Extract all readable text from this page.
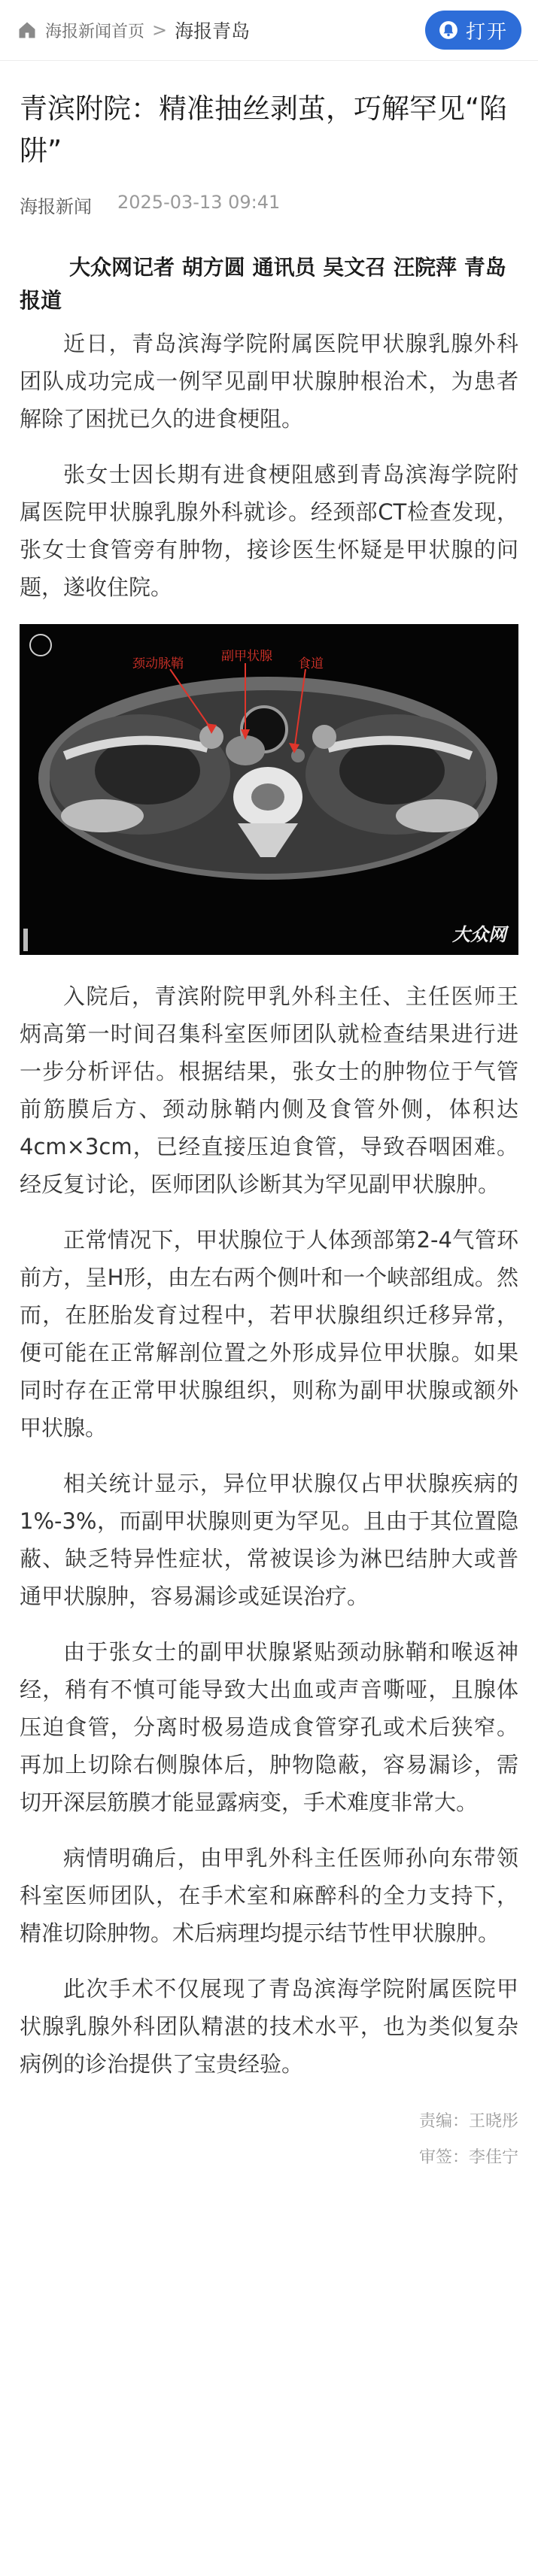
海报新闻首页 > 海报青岛	打开
青滨附院：精准抽丝剥茧，巧解罕见“陷阱”
海报新闻 2025-03-13 09:41
大众网记者 胡方圆 通讯员 吴文召 汪院萍 青岛报道

近日，青岛滨海学院附属医院甲状腺乳腺外科团队成功完成一例罕见副甲状腺肿根治术，为患者解除了困扰已久的进食梗阻。

张女士因长期有进食梗阻感到青岛滨海学院附属医院甲状腺乳腺外科就诊。经颈部CT检查发现，张女士食管旁有肿物，接诊医生怀疑是甲状腺的问题，遂收住院。

颈动脉鞘	副甲状腺 食道
大众网

入院后，青滨附院甲乳外科主任、主任医师王炳高第一时间召集科室医师团队就检查结果进行进一步分析评估。根据结果，张女士的肿物位于气管前筋膜后方、颈动脉鞘内侧及食管外侧，体积达4cm×3cm，已经直接压迫食管，导致吞咽困难。经反复讨论，医师团队诊断其为罕见副甲状腺肿。

正常情况下，甲状腺位于人体颈部第2-4气管环前方，呈H形，由左右两个侧叶和一个峡部组成。然而，在胚胎发育过程中，若甲状腺组织迁移异常，便可能在正常解剖位置之外形成异位甲状腺。如果同时存在正常甲状腺组织，则称为副甲状腺或额外甲状腺。

相关统计显示，异位甲状腺仅占甲状腺疾病的1%-3%，而副甲状腺则更为罕见。且由于其位置隐蔽、缺乏特异性症状，常被误诊为淋巴结肿大或普通甲状腺肿，容易漏诊或延误治疗。

由于张女士的副甲状腺紧贴颈动脉鞘和喉返神经，稍有不慎可能导致大出血或声音嘶哑，且腺体压迫食管，分离时极易造成食管穿孔或术后狭窄。再加上切除右侧腺体后，肿物隐蔽，容易漏诊，需切开深层筋膜才能显露病变，手术难度非常大。

病情明确后，由甲乳外科主任医师孙向东带领科室医师团队，在手术室和麻醉科的全力支持下，精准切除肿物。术后病理均提示结节性甲状腺肿。

此次手术不仅展现了青岛滨海学院附属医院甲状腺乳腺外科团队精湛的技术水平，也为类似复杂病例的诊治提供了宝贵经验。

责编：王晓彤
审签：李佳宁
